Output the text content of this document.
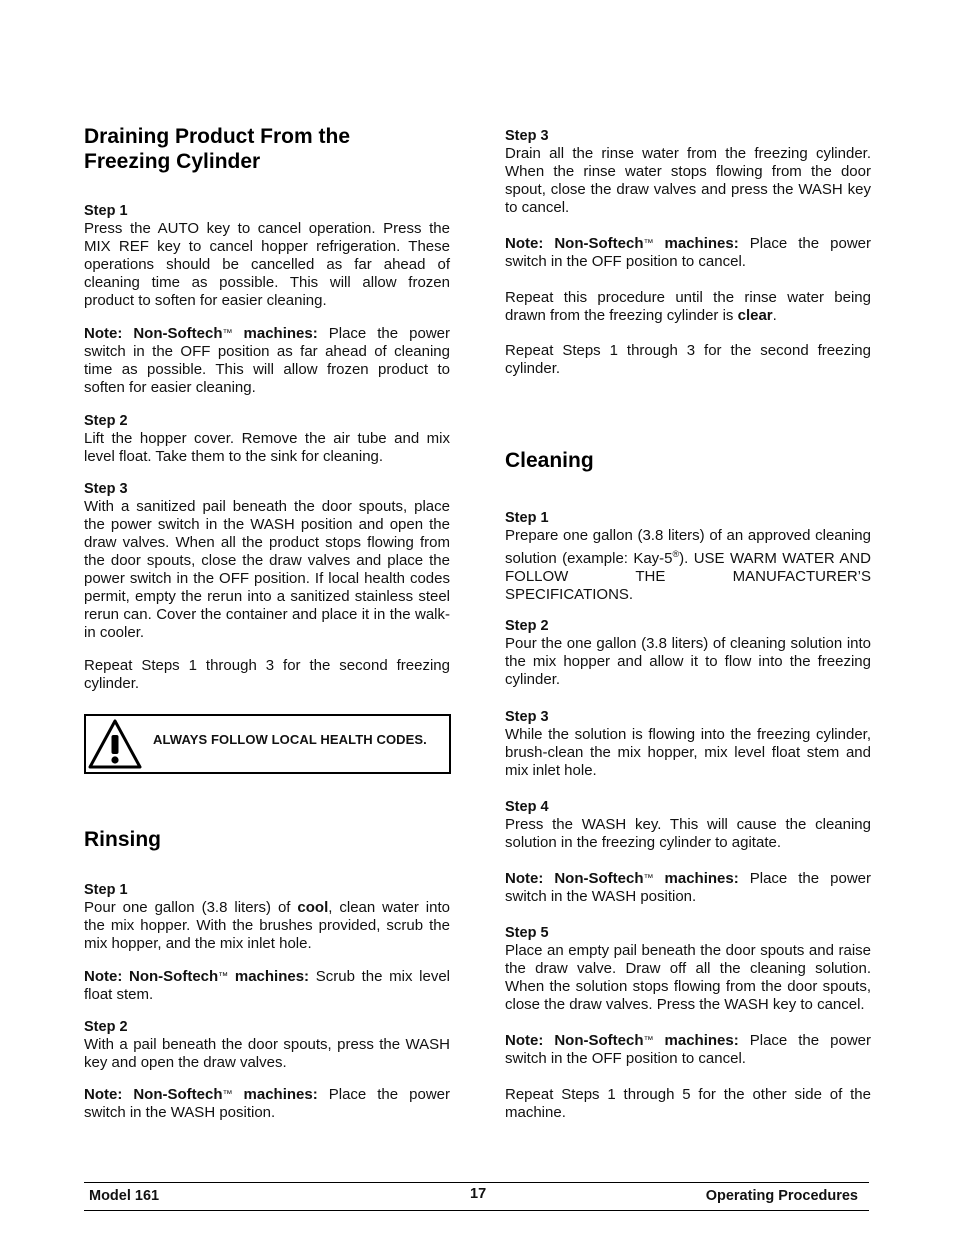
Draining Product From the
Freezing Cylinder
Step 1

Press the AUTO key to cancel operation. Press the MIX REF key to cancel hopper refrigeration. These operations should be cancelled as far ahead of cleaning time as possible. This will allow frozen product to soften for easier cleaning.

Note: Non-Softech™ machines: Place the power switch in the OFF position as far ahead of cleaning time as possible. This will allow frozen product to soften for easier cleaning.

Step 2

Lift the hopper cover. Remove the air tube and mix level float. Take them to the sink for cleaning.

Step 3

With a sanitized pail beneath the door spouts, place the power switch in the WASH position and open the draw valves. When all the product stops flowing from the door spouts, close the draw valves and place the power switch in the OFF position. If local health codes permit, empty the rerun into a sanitized stainless steel rerun can. Cover the container and place it in the walk-in cooler.

Repeat Steps 1 through 3 for the second freezing cylinder.

ALWAYS FOLLOW LOCAL HEALTH CODES.
Rinsing
Step 1

Pour one gallon (3.8 liters) of cool, clean water into the mix hopper. With the brushes provided, scrub the mix hopper, and the mix inlet hole.

Note: Non-Softech™ machines: Scrub the mix level float stem.

Step 2

With a pail beneath the door spouts, press the WASH key and open the draw valves.

Note: Non-Softech™ machines: Place the power switch in the WASH position.

Step 3

Drain all the rinse water from the freezing cylinder. When the rinse water stops flowing from the door spout, close the draw valves and press the WASH key to cancel.

Note: Non-Softech™ machines: Place the power switch in the OFF position to cancel.

Repeat this procedure until the rinse water being drawn from the freezing cylinder is clear.

Repeat Steps 1 through 3 for the second freezing cylinder.

Cleaning
Step 1

Prepare one gallon (3.8 liters) of an approved cleaning solution (example: Kay-5®). USE WARM WATER AND FOLLOW THE MANUFACTURER’S SPECIFICATIONS.

Step 2

Pour the one gallon (3.8 liters) of cleaning solution into the mix hopper and allow it to flow into the freezing cylinder.

Step 3

While the solution is flowing into the freezing cylinder, brush-clean the mix hopper, mix level float stem and mix inlet hole.

Step 4

Press the WASH key. This will cause the cleaning solution in the freezing cylinder to agitate.

Note: Non-Softech™ machines: Place the power switch in the WASH position.

Step 5

Place an empty pail beneath the door spouts and raise the draw valve. Draw off all the cleaning solution. When the solution stops flowing from the door spouts, close the draw valves. Press the WASH key to cancel.

Note: Non-Softech™ machines: Place the power switch in the OFF position to cancel.

Repeat Steps 1 through 5 for the other side of the machine.

Model 161	17	Operating Procedures
